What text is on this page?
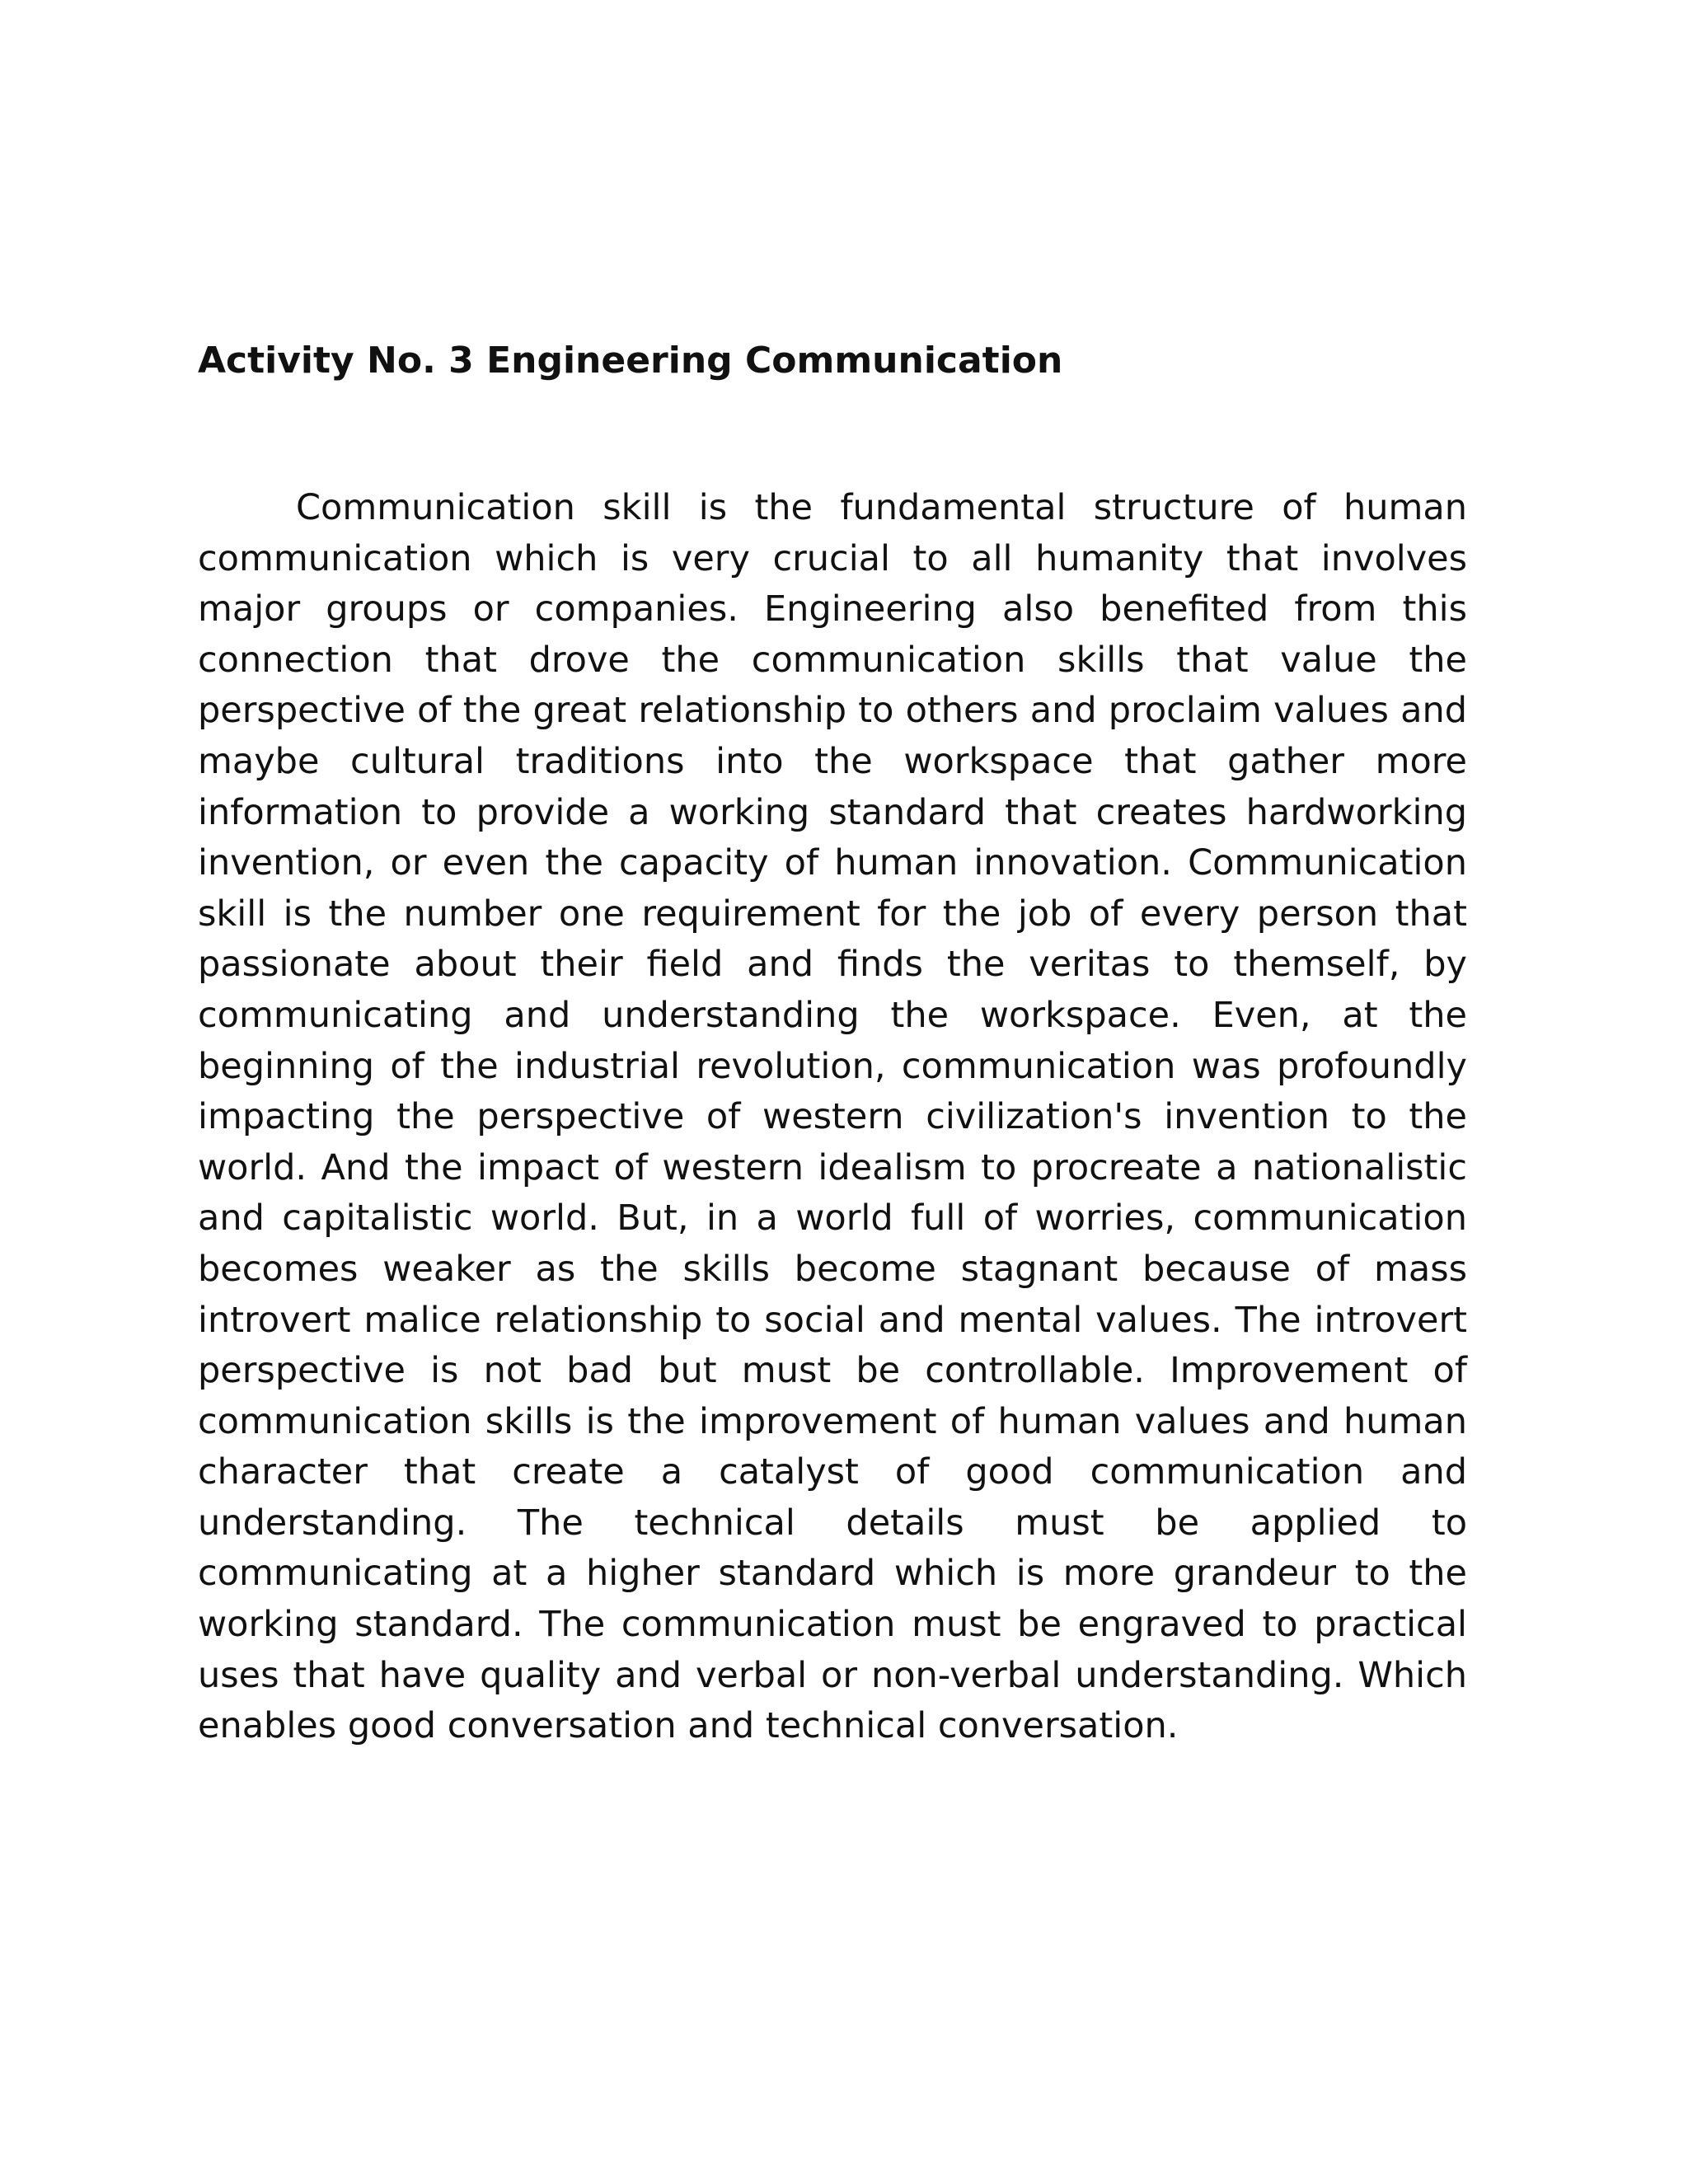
Activity No. 3 Engineering Communication

Communication skill is the fundamental structure of human communication which is very crucial to all humanity that involves major groups or companies. Engineering also benefited from this connection that drove the communication skills that value the perspective of the great relationship to others and proclaim values and maybe cultural traditions into the workspace that gather more information to provide a working standard that creates hardworking invention, or even the capacity of human innovation. Communication skill is the number one requirement for the job of every person that passionate about their field and finds the veritas to themself, by communicating and understanding the workspace. Even, at the beginning of the industrial revolution, communication was profoundly impacting the perspective of western civilization's invention to the world. And the impact of western idealism to procreate a nationalistic and capitalistic world. But, in a world full of worries, communication becomes weaker as the skills become stagnant because of mass introvert malice relationship to social and mental values. The introvert perspective is not bad but must be controllable. Improvement of communication skills is the improvement of human values and human character that create a catalyst of good communication and understanding. The technical details must be applied to communicating at a higher standard which is more grandeur to the working standard. The communication must be engraved to practical uses that have quality and verbal or non-verbal understanding. Which enables good conversation and technical conversation.
